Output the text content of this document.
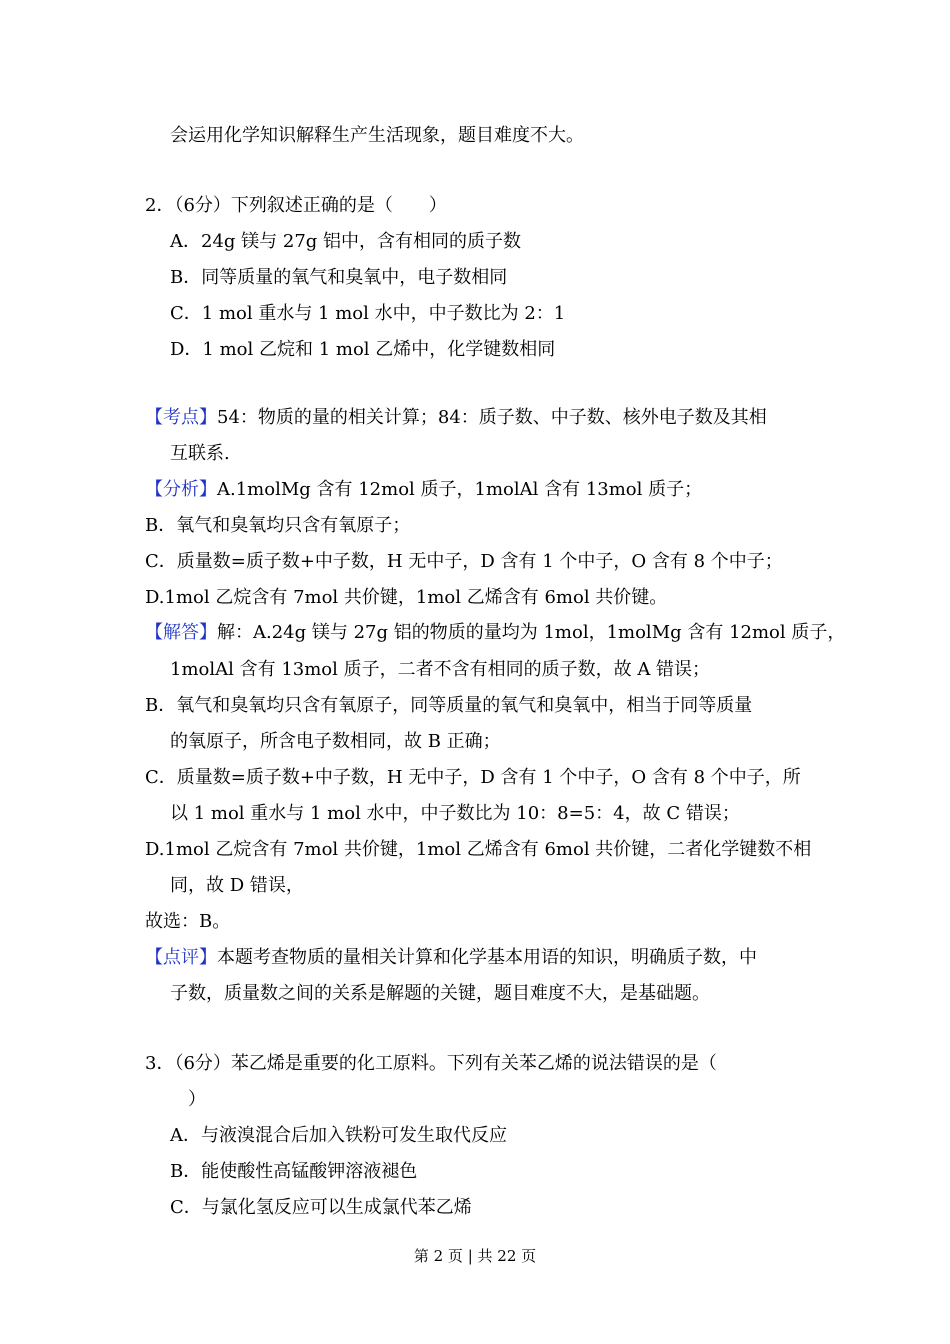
会运用化学知识解释生产生活现象，题目难度不大。
2．（6分）下列叙述正确的是（　　）
A．24g 镁与 27g 铝中，含有相同的质子数
B．同等质量的氧气和臭氧中，电子数相同
C．1 mol 重水与 1 mol 水中，中子数比为 2：1
D．1 mol 乙烷和 1 mol 乙烯中，化学键数相同
【考点】54：物质的量的相关计算；84：质子数、中子数、核外电子数及其相
互联系.
【分析】A.1molMg 含有 12mol 质子，1molAl 含有 13mol 质子；
B．氧气和臭氧均只含有氧原子；
C．质量数=质子数+中子数，H 无中子，D 含有 1 个中子，O 含有 8 个中子；
D.1mol 乙烷含有 7mol 共价键，1mol 乙烯含有 6mol 共价键。
【解答】解：A.24g 镁与 27g 铝的物质的量均为 1mol，1molMg 含有 12mol 质子，
1molAl 含有 13mol 质子，二者不含有相同的质子数，故 A 错误；
B．氧气和臭氧均只含有氧原子，同等质量的氧气和臭氧中，相当于同等质量
的氧原子，所含电子数相同，故 B 正确；
C．质量数=质子数+中子数，H 无中子，D 含有 1 个中子，O 含有 8 个中子，所
以 1 mol 重水与 1 mol 水中，中子数比为 10：8=5：4，故 C 错误；
D.1mol 乙烷含有 7mol 共价键，1mol 乙烯含有 6mol 共价键，二者化学键数不相
同，故 D 错误，
故选：B。
【点评】本题考查物质的量相关计算和化学基本用语的知识，明确质子数，中
子数，质量数之间的关系是解题的关键，题目难度不大，是基础题。
3．（6分）苯乙烯是重要的化工原料。下列有关苯乙烯的说法错误的是（
）
A．与液溴混合后加入铁粉可发生取代反应
B．能使酸性高锰酸钾溶液褪色
C．与氯化氢反应可以生成氯代苯乙烯
第 2 页 | 共 22 页
